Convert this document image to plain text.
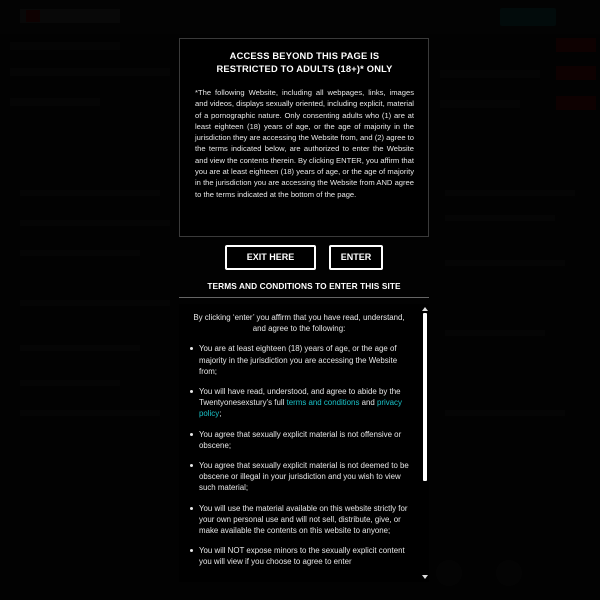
ACCESS BEYOND THIS PAGE IS
RESTRICTED TO ADULTS (18+)* ONLY

*The following Website, including all webpages, links, images and videos, displays sexually oriented, including explicit, material of a pornographic nature. Only consenting adults who (1) are at least eighteen (18) years of age, or the age of majority in the jurisdiction they are accessing the Website from, and (2) agree to the terms indicated below, are authorized to enter the Website and view the contents therein. By clicking ENTER, you affirm that you are at least eighteen (18) years of age, or the age of majority in the jurisdiction you are accessing the Website from AND agree to the terms indicated at the bottom of the page.

EXIT HERE	ENTER
TERMS AND CONDITIONS TO ENTER THIS SITE
By clicking ‘enter’ you affirm that you have read, understand, and agree to the following:
You are at least eighteen (18) years of age, or the age of majority in the jurisdiction you are accessing the Website from;
You will have read, understood, and agree to abide by the Twentyonesexstury’s full terms and conditions and privacy policy;
You agree that sexually explicit material is not offensive or obscene;
You agree that sexually explicit material is not deemed to be obscene or illegal in your jurisdiction and you wish to view such material;
You will use the material available on this website strictly for your own personal use and will not sell, distribute, give, or make available the contents on this website to anyone;
You will NOT expose minors to the sexually explicit content you will view if you choose to agree to enter
